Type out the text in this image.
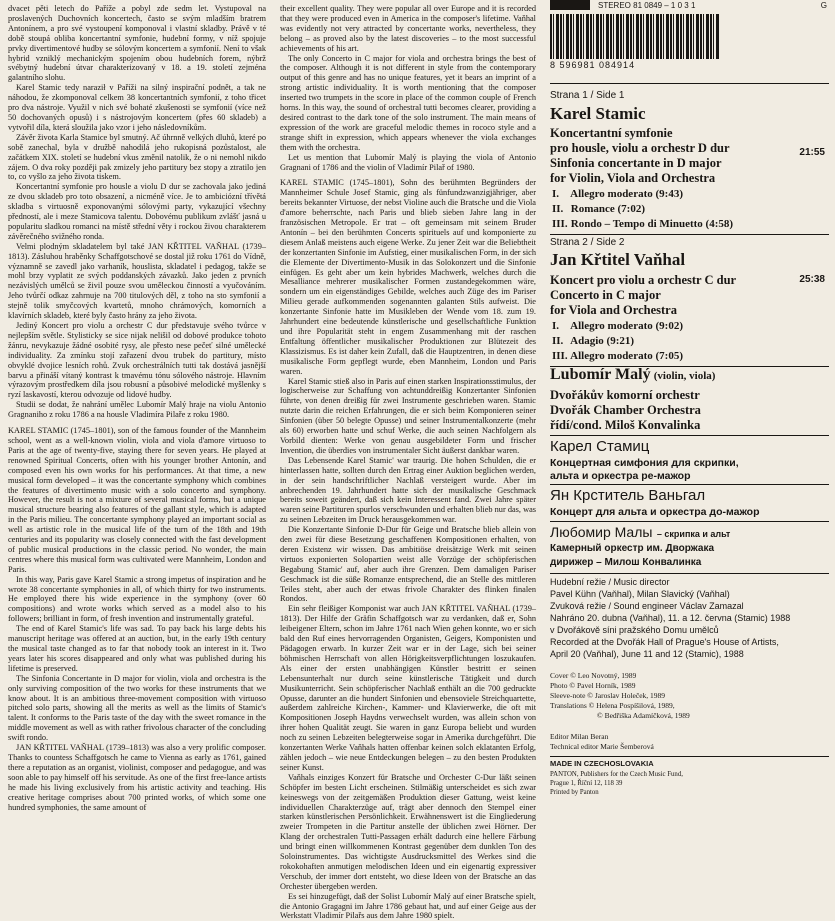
dvacet pěti letech do Paříže a pobyl zde sedm let. Vystupoval na proslavených Duchovních koncertech, často se svým mladším bratrem Antonínem, a pro své vystoupení komponoval i vlastní skladby. Právě v té době stoupá obliba koncertantní symfonie, hudební formy, v níž spojuje prvky divertimentové hudby se sólovým koncertem a symfonií. Není to však hybrid vzniklý mechanickým spojením obou hudebních forem, nýbrž svébytný hudební útvar charakterizovaný v 18. a 19. století zejména galantního slohu.

Karel Stamic tedy naraził v Paříži na silný inspirační podnět, a tak ne náhodou, že zkomponoval celkem 38 koncertantních symfonií, z toho třicet pro dva nástroje. Využil v nich své bohaté zkušenosti se symfonií (více než 50 dochovaných opusů) i s nástrojovým koncertem (přes 60 skladeb) a vytvořil díla, která sloužila jako vzor i jeho následovníkům.

Závěr života Karla Stamice byl smutný. Ač úhrnně velkých dluhů, které po sobě zanechal, byla v družbě nahodilá jeho rukopisná pozůstalost, ale začátkem XIX. století se hudební vkus změnil natolik, že o ni nemohl nikdo zájem. O dva roky později pak zmizely jeho partitury bez stopy a ztratilo jen to, co vyšlo za jeho života tiskem.

Koncertantní symfonie pro housle a violu D dur se zachovala jako jediná ze dvou skladeb pro toto obsazení, a nicméně více. Je to ambiciózní třívětá skladba s virtuosně exponovanými sólovými party, vykazující všechny předností, ale i meze Stamicova talentu. Dobovému publikum zvlášť jasná u popularitu sladkou romanci na místě střední věty i rockou živou charakterem závěrečného svižného ronda.

Velmi plodným skladatelem byl také JAN KŘTITEL VAŇHAL (1739–1813). Zásluhou hraběnky Schaffgotschové se dostal již roku 1761 do Vídně, významně se zavedl jako varhaník, houslista, skladatel i pedagog, takže se mohl brzy vyplatit ze svých poddanských závazků. Jako jeden z prvních nezávislých umělců se živil pouze svou uměleckou činností a vyučováním. Jeho tvůrčí odkaz zahrnuje na 700 titulových děl, z toho na sto symfonií a stejně tolik smyčcových kvartetů, mnoho chrámových, komorních a klavírních skladeb, které byly často hrány za jeho života.

Jediný Koncert pro violu a orchestr C dur představuje svého tvůrce v nejlepším světle. Stylisticky se sice nijak nelišil od dobové produkce tohoto žánru, nevykazuje žádné osobité rysy, ale přesto nese pečeť silné umělecké individuality. Za zmínku stojí zařazení dvou trubek do partitury, místo obvyklé dvojice lesních rohů. Zvuk orchestrálních tutti tak dostává jasnější barvu a přináší vítaný kontrast k tmavému tónu sólového nástroje. Hlavním výrazovým prostředkem díla jsou robusní a působivé melodické myšlenky s ryzí laskavostí, kterou odvozuje od lidové hudby.

Studii se dodat, že nahrání umělec Lubomír Malý hraje na violu Antonio Gragnaniho z roku 1786 a na housle Vladimíra Pilaře z roku 1980.

KAREL STAMIC (1745–1801), son of the famous founder of the Mannheim school, went as a well-known violin, viola and viola d'amore virtuoso to Paris at the age of twenty-five, staying there for seven years. He played at renowned Spiritual Concerts, often with his younger brother Antonín, and composed even his own works for his performances. At that time, a new musical form developed – it was the concertante symphony which combines the features of divertimento music with a solo concerto and symphony. However, the result is not a mixture of several musical forms, but a unique musical structure bearing also features of the gallant style, which is adapted in the Paris milieu. The concertante symphony played an important social as well as artistic role in the musical life of the turn of the 18th and 19th centuries and its popularity was closely connected with the fast development of public musical productions in the classic period. No wonder, the main centres where this musical form was cultivated were Mannheim, London and Paris.

In this way, Paris gave Karel Stamic a strong impetus of inspiration and he wrote 38 concertante symphonies in all, of which thirty for two instruments. He employed there his wide experience in the symphony (over 60 compositions) and wrote works which served as a model also to his followers; brilliant in form, of fresh invention and instrumentally grateful.

The end of Karel Stamic's life was sad. To pay back his large debts his manuscript heritage was offered at an auction, but, in the early 19th century the musical taste changed as to far that nobody took an interest in it. Two years later his scores disappeared and only what was published during his lifetime is preserved.

The Sinfonia Concertante in D major for violin, viola and orchestra is the only surviving composition of the two works for these instruments that we know about. It is an ambitious three-movement composition with virtuoso pitched solo parts, showing all the merits as well as the limits of Stamic's talent. It conforms to the Paris taste of the day with the sweet romance in the middle movement as well as with rather frivolous character of the concluding swift rondo.

JAN KŘTITEL VAŇHAL (1739–1813) was also a very prolific composer. Thanks to countess Schaffgotsch he came to Vienna as early as 1761, gained there a reputation as an organist, violinist, composer and pedagogue, and was soon able to pay himself off his servitude. As one of the first free-lance artists he made his living exclusively from his artistic activity and teaching. His creative heritage comprises about 700 printed works, of which some one hundred symphonies, the same amount of

their excellent quality. They were popular all over Europe and it is recorded that they were produced even in America in the composer's lifetime. Vaňhal was evidently not very attracted by concertante works, nevertheless, they belong – as proved also by the latest discoveries – to the most successful achievements of his art.

The only Concerto in C major for viola and orchestra brings the best of the composer. Although it is not different in style from the contemporary output of this genre and has no unique features, yet it bears an imprint of a strong artistic individuality. It is worth mentioning that the composer inserted two trumpets in the score in place of the common couple of French horns. In this way, the sound of orchestral tutti becomes clearer, providing a desired contrast to the dark tone of the solo instrument. The main means of expression of the work are graceful melodic themes in rococo style and a strange shift in expression, which appears whenever the viola exchanges them with the orchestra.

Let us mention that Lubomír Malý is playing the viola of Antonio Gragnani of 1786 and the violin of Vladimír Pilař of 1980.

KAREL STAMIC (1745–1801), Sohn des berühmten Begründers der Mannheimer Schule Josef Stamic, ging als fünfundzwanzigjähriger, aber bereits bekannter Virtuose, der nebst Violine auch die Bratsche und die Viola d'amore beherrschte, nach Paris und blieb sieben Jahre lang in der französischen Metropole. Er trat – oft gemeinsam mit seinem Bruder Antonín – bei den berühmten Concerts spirituels auf und komponierte zu diesem Anlaß meistens auch eigene Werke. Zu jener Zeit war die Beliebtheit der konzertanten Sinfonie im Aufstieg, einer musikalischen Form, in der sich die Elemente der Divertimento-Musik in das Solokonzert und die Sinfonie einfügen. Es geht aber um kein hybrides Machwerk, welches durch die Mesalliance mehrerer musikalischer Formen zustandegekommen wäre, sondern um ein eigenständiges Gebilde, welches auch Züge des im Pariser Milieu gerade aufkommenden sogenannten galanten Stils aufweist. Die konzertante Sinfonie hatte im Musikleben der Wende vom 18. zum 19. Jahrhundert eine bedeutende künstlerische und gesellschaftliche Funktion und ihre Popularität steht in engem Zusammenhang mit der raschen Entfaltung öffentlicher musikalischer Produktionen zur Blütezeit des Klassizismus. Es ist daher kein Zufall, daß die Hauptzentren, in denen diese musikalische Form gepflegt wurde, eben Mannheim, London und Paris waren.

Karel Stamic stieß also in Paris auf einen starken Inspirationsstimulus, der logischerweise zur Schaffung von achtunddreißig Konzertanter Sinfonien führte, von denen dreißig für zwei Instrumente geschrieben waren. Stamic nutzte darin die reichen Erfahrungen, die er sich beim Komponieren seiner Sinfonien (über 50 belegte Opusse) und seiner Instrumentalkonzerte (mehr als 60) erworben hatte und schuf Werke, die auch seinen Nachfolgern als Vorbild dienten: Werke von genau ausgebildeter Form und frischer Invention, die überdies von instrumentaler Sicht äußerst dankbar waren.

Das Lebensende Karel Stamic' war traurig. Die hohen Schulden, die er hinterlassen hatte, sollten durch den Ertrag einer Auktion beglichen werden, in der sein handschriftlicher Nachlaß versteigert wurde. Aber im anbrechenden 19. Jahrhundert hatte sich der musikalische Geschmack bereits soweit geändert, daß sich kein Interessent fand. Zwei Jahre später waren seine Partituren spurlos verschwunden und erhalten blieb nur das, was zu seinen Lebzeiten im Druck herausgekommen war.

Die Konzertante Sinfonie D-Dur für Geige und Bratsche blieb allein von den zwei für diese Besetzung geschaffenen Kompositionen erhalten, von deren Existenz wir wissen. Das ambitiöse dreisätzige Werk mit seinen virtuos exponierten Solopartien weist alle Vorzüge der schöpferischen Begabung Stamic' auf, aber auch ihre Grenzen. Dem damaligen Pariser Geschmack ist die süße Romanze entsprechend, die an Stelle des mittleren Teiles steht, aber auch der etwas frivole Charakter des flinken finalen Rondos.

Ein sehr fleißiger Komponist war auch JAN KŘTITEL VAŇHAL (1739–1813). Der Hilfe der Gräfin Schaffgotsch war zu verdanken, daß er, Sohn leibeigener Eltern, schon im Jahre 1761 nach Wien gehen konnte, wo er sich bald den Ruf eines hervorragenden Organisten, Geigers, Komponisten und Pädagogen erwarb. In kurzer Zeit war er in der Lage, sich bei seiner böhmischen Herrschaft von allen Hörigkeitsverpflichtungen loszukaufen. Als einer der ersten unabhängigen Künstler bestritt er seinen Lebensunterhalt nur durch seine künstlerische Tätigkeit und durch Musikunterricht. Sein schöpferischer Nachlaß enthält an die 700 gedruckte Opusse, darunter an die hundert Sinfonien und ebensoviele Streichquartette, außerdem zahlreiche Kirchen-, Kammer- und Klavierwerke, die oft mit Kompositionen Joseph Haydns verwechselt wurden, was allein schon von ihrer hohen Qualität zeugt. Sie waren in ganz Europa beliebt und wurden noch zu seinen Lebzeiten belegterweise sogar in Amerika durchgeführt. Die konzertanten Werke Vaňhals hatten offenbar keinen solch eklatanten Erfolg, zählen jedoch – wie neue Entdeckungen belegen – zu den besten Produkten seiner Kunst.

Vaňhals einziges Konzert für Bratsche und Orchester C-Dur läßt seinen Schöpfer im besten Licht erscheinen. Stilmäßig unterscheidet es sich zwar keineswegs von der zeitgemäßen Produktion dieser Gattung, weist keine individuellen Charakterzüge auf, trägt aber dennoch den Stempel einer starken künstlerischen Persönlichkeit. Erwähnenswert ist die Eingliederung zweier Trompeten in die Partitur anstelle der üblichen zwei Hörner. Der Klang der orchestralen Tutti-Passagen erhält dadurch eine hellere Färbung und bringt einen willkommenen Kontrast gegenüber dem dunklen Ton des Soloinstrumentes. Das wichtigste Ausdrucksmittel des Werkes sind die rokokohaften anmutigen melodischen Ideen und ein eigenartig expressiver Verschub, der immer dort entsteht, wo diese Ideen von der Bratsche an das Orchester übergeben werden.

Es sei hinzugefügt, daß der Solist Lubomír Malý auf einer Bratsche spielt, die Antonio Gragagni im Jahre 1786 gebaut hat, und auf einer Geige aus der Werkstatt Vladimír Pilařs aus dem Jahre 1980 spielt.

STEREO 81 0849 – 1 0 3 1	G
8 596981 084914
Strana 1 / Side 1
Karel Stamic
Koncertantní symfonie
pro housle, violu a orchestr D dur
Sinfonia concertante in D major
21:55
for Violin, Viola and Orchestra
I. Allegro moderato (9:43)
II. Romance (7:02)
III. Rondo – Tempo di Minuetto (4:58)
Strana 2 / Side 2
Jan Křtitel Vaňhal
Koncert pro violu a orchestr C dur	25:38
Concerto in C major
for Viola and Orchestra
I. Allegro moderato (9:02)
II. Adagio (9:21)
III. Allegro moderato (7:05)
Lubomír Malý (violin, viola)
Dvořákův komorní orchestr
Dvořák Chamber Orchestra
řídí/cond. Miloš Konvalinka
Карел Стамиц
Концертная симфония для скрипки,
альта и оркестра ре-мажор
Ян Крститель Ваньгал
Концерт для альта и оркестра до-мажор
Любомир Малы – скрипка и альт
Камерный оркестр им. Дворжака
дирижер – Милош Конвалинка
Hudební režie / Music director
Pavel Kühn (Vaňhal), Milan Slavický (Vaňhal)
Zvuková režie / Sound engineer Václav Zamazal
Nahráno 20. dubna (Vaňhal), 11. a 12. června (Stamic) 1988
v Dvořákově síni pražského Domu umělců
Recorded at the Dvořák Hall of Prague's House of Artists,
April 20 (Vaňhal), June 11 and 12 (Stamic), 1988
Cover © Leo Novotný, 1989
Photo © Pavel Horník, 1989
Sleeve-note © Jaroslav Holeček, 1989
Translations © Helena Pospíšilová, 1989,
© Bedřiška Adamíčková, 1989
Editor Milan Beran
Technical editor Marie Šemberová
MADE IN CZECHOSLOVAKIA
PANTON, Publishers for the Czech Music Fund,
Prague 1, Říční 12, 118 39
Printed by Panton
